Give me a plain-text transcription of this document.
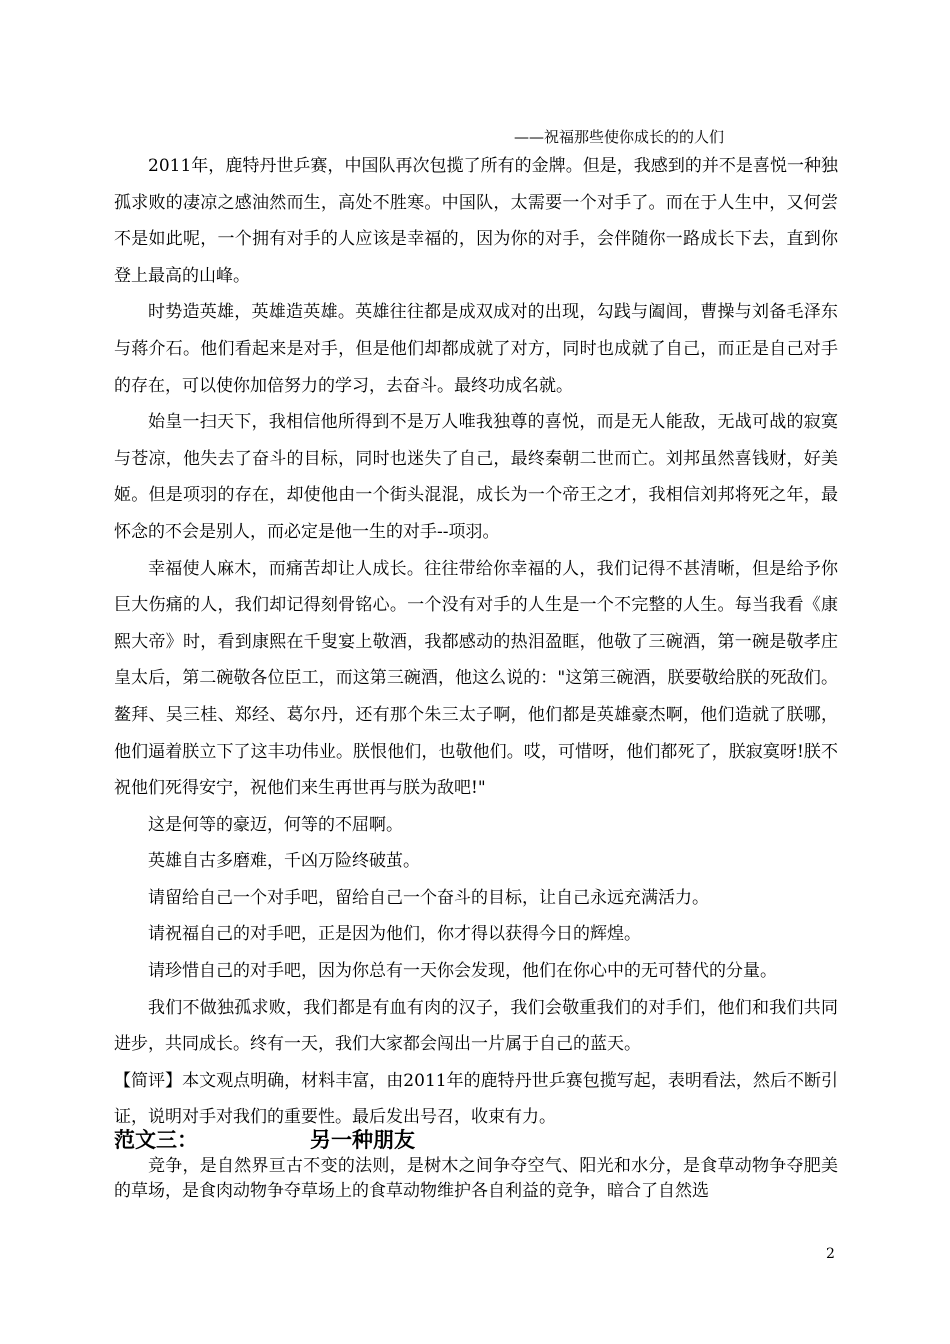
——祝福那些使你成长的的人们

2011年，鹿特丹世乒赛，中国队再次包揽了所有的金牌。但是，我感到的并不是喜悦一种独孤求败的凄凉之感油然而生，高处不胜寒。中国队，太需要一个对手了。而在于人生中，又何尝不是如此呢，一个拥有对手的人应该是幸福的，因为你的对手，会伴随你一路成长下去，直到你登上最高的山峰。

时势造英雄，英雄造英雄。英雄往往都是成双成对的出现，勾践与阖闾，曹操与刘备毛泽东与蒋介石。他们看起来是对手，但是他们却都成就了对方，同时也成就了自己，而正是自己对手的存在，可以使你加倍努力的学习，去奋斗。最终功成名就。

始皇一扫天下，我相信他所得到不是万人唯我独尊的喜悦，而是无人能敌，无战可战的寂寞与苍凉，他失去了奋斗的目标，同时也迷失了自己，最终秦朝二世而亡。刘邦虽然喜钱财，好美姬。但是项羽的存在，却使他由一个街头混混，成长为一个帝王之才，我相信刘邦将死之年，最怀念的不会是别人，而必定是他一生的对手--项羽。

幸福使人麻木，而痛苦却让人成长。往往带给你幸福的人，我们记得不甚清晰，但是给予你巨大伤痛的人，我们却记得刻骨铭心。一个没有对手的人生是一个不完整的人生。每当我看《康熙大帝》时，看到康熙在千叟宴上敬酒，我都感动的热泪盈眶，他敬了三碗酒，第一碗是敬孝庄皇太后，第二碗敬各位臣工，而这第三碗酒，他这么说的："这第三碗酒，朕要敬给朕的死敌们。鳌拜、吴三桂、郑经、葛尔丹，还有那个朱三太子啊，他们都是英雄豪杰啊，他们造就了朕哪，他们逼着朕立下了这丰功伟业。朕恨他们，也敬他们。哎，可惜呀，他们都死了，朕寂寞呀!朕不祝他们死得安宁，祝他们来生再世再与朕为敌吧!"

这是何等的豪迈，何等的不屈啊。

英雄自古多磨难，千凶万险终破茧。

请留给自己一个对手吧，留给自己一个奋斗的目标，让自己永远充满活力。

请祝福自己的对手吧，正是因为他们，你才得以获得今日的辉煌。

请珍惜自己的对手吧，因为你总有一天你会发现，他们在你心中的无可替代的分量。

我们不做独孤求败，我们都是有血有肉的汉子，我们会敬重我们的对手们，他们和我们共同进步，共同成长。终有一天，我们大家都会闯出一片属于自己的蓝天。

【简评】本文观点明确，材料丰富，由2011年的鹿特丹世乒赛包揽写起，表明看法，然后不断引证，说明对手对我们的重要性。最后发出号召，收束有力。

范文三：	另一种朋友

竞争，是自然界亘古不变的法则，是树木之间争夺空气、阳光和水分，是食草动物争夺肥美的草场，是食肉动物争夺草场上的食草动物维护各自利益的竞争，暗合了自然选

2
